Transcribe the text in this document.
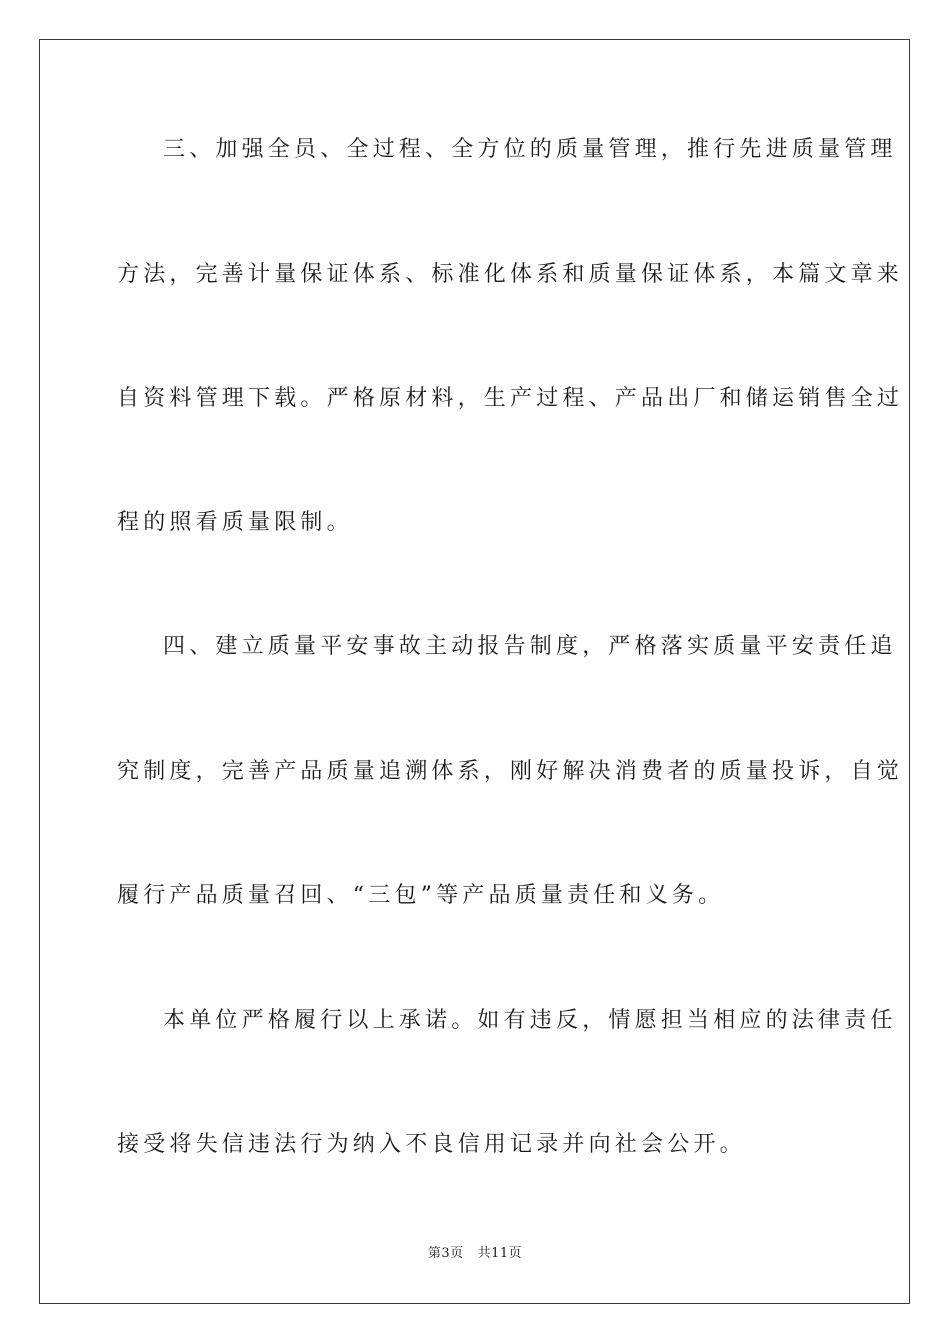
三、加强全员、全过程、全方位的质量管理，推行先进质量管理
方法，完善计量保证体系、标准化体系和质量保证体系，本篇文章来
自资料管理下载。严格原材料，生产过程、产品出厂和储运销售全过
程的照看质量限制。
四、建立质量平安事故主动报告制度，严格落实质量平安责任追
究制度，完善产品质量追溯体系，刚好解决消费者的质量投诉，自觉
履行产品质量召回、“三包”等产品质量责任和义务。
本单位严格履行以上承诺。如有违反，情愿担当相应的法律责任
接受将失信违法行为纳入不良信用记录并向社会公开。
第3页 共11页
